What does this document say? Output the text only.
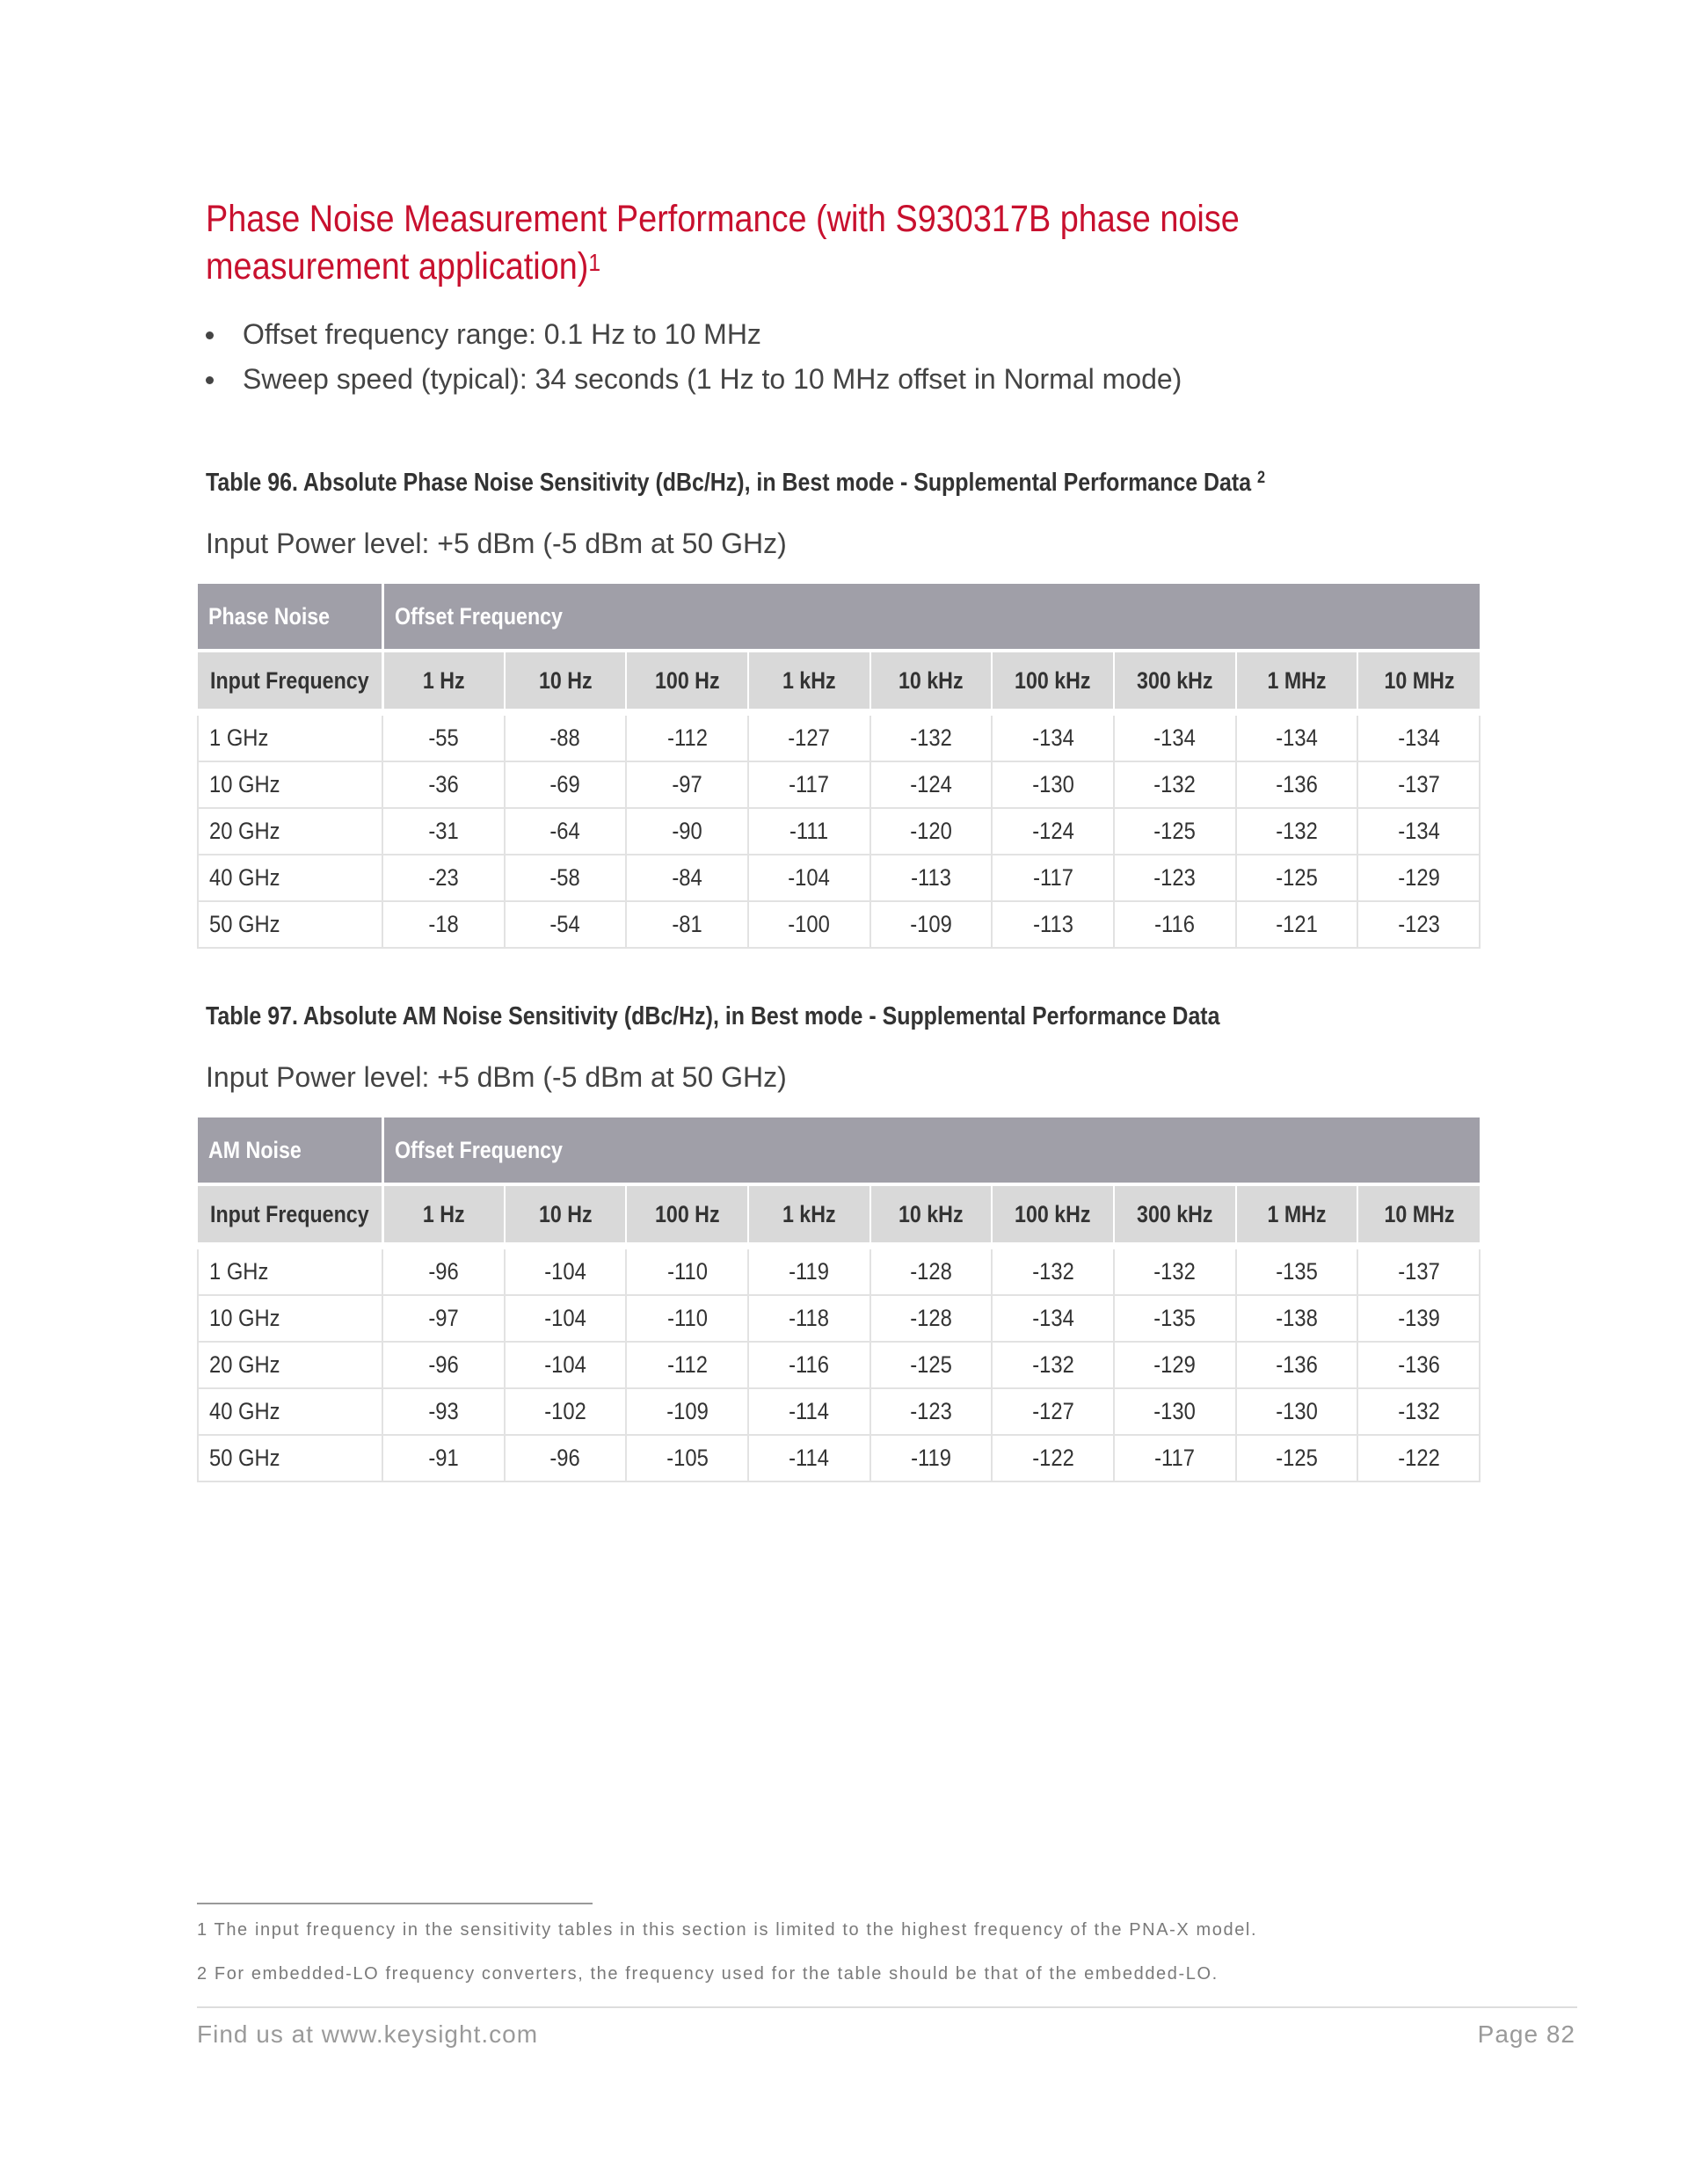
Phase Noise Measurement Performance (with S930317B phase noise measurement application)$^1$
Offset frequency range: 0.1 Hz to 10 MHz
Sweep speed (typical): 34 seconds (1 Hz to 10 MHz offset in Normal mode)

Table 96. Absolute Phase Noise Sensitivity (dBc/Hz), in Best mode - Supplemental Performance Data $^2$

Input Power level: +5 dBm (-5 dBm at 50 GHz)

Phase Noise	Offset Frequency								
Input Frequency	1 Hz	10 Hz	100 Hz	1 kHz	10 kHz	100 kHz	300 kHz	1 MHz	10 MHz
1 GHz	-55	-88	-112	-127	-132	-134	-134	-134	-134
10 GHz	-36	-69	-97	-117	-124	-130	-132	-136	-137
20 GHz	-31	-64	-90	-111	-120	-124	-125	-132	-134
40 GHz	-23	-58	-84	-104	-113	-117	-123	-125	-129
50 GHz	-18	-54	-81	-100	-109	-113	-116	-121	-123

Table 97. Absolute AM Noise Sensitivity (dBc/Hz), in Best mode - Supplemental Performance Data

Input Power level: +5 dBm (-5 dBm at 50 GHz)

AM Noise	Offset Frequency								
Input Frequency	1 Hz	10 Hz	100 Hz	1 kHz	10 kHz	100 kHz	300 kHz	1 MHz	10 MHz
1 GHz	-96	-104	-110	-119	-128	-132	-132	-135	-137
10 GHz	-97	-104	-110	-118	-128	-134	-135	-138	-139
20 GHz	-96	-104	-112	-116	-125	-132	-129	-136	-136
40 GHz	-93	-102	-109	-114	-123	-127	-130	-130	-132
50 GHz	-91	-96	-105	-114	-119	-122	-117	-125	-122

1 The input frequency in the sensitivity tables in this section is limited to the highest frequency of the PNA-X model.

2 For embedded-LO frequency converters, the frequency used for the table should be that of the embedded-LO.

Find us at www.keysight.com	Page 82
